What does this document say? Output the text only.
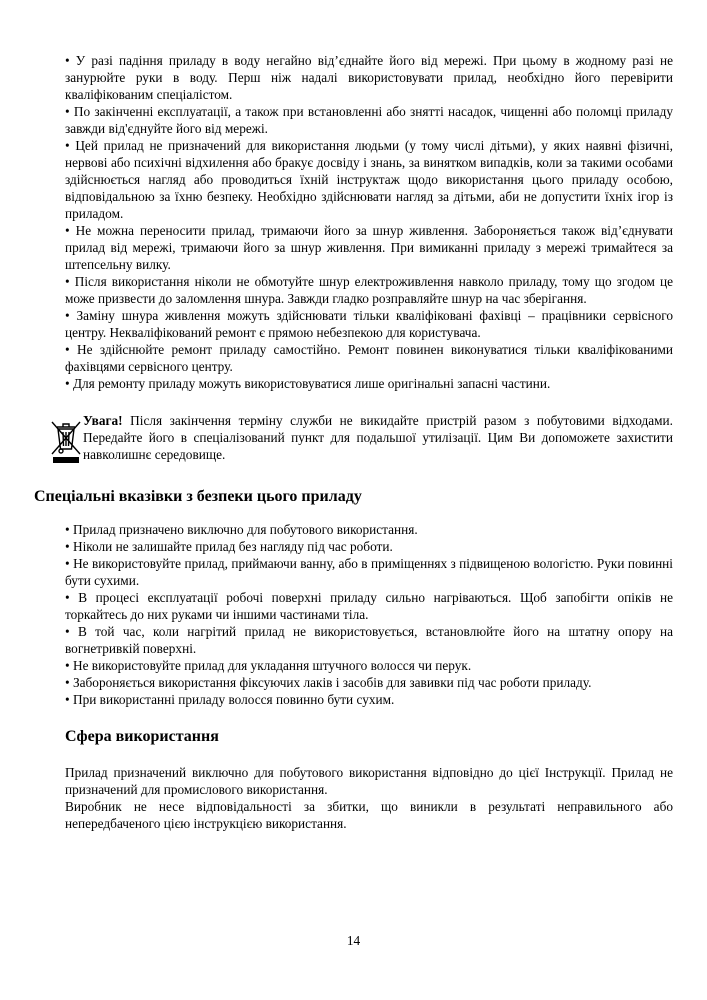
• У разі падіння приладу в воду негайно від’єднайте його від мережі. При цьому в жодному разі не занурюйте руки в воду. Перш ніж надалі використовувати прилад, необхідно його перевірити кваліфікованим спеціалістом.

• По закінченні експлуатації, а також при встановленні або знятті насадок, чищенні або поломці приладу завжди від'єднуйте його від мережі.

• Цей прилад не призначений для використання людьми (у тому числі дітьми), у яких наявні фізичні, нервові або психічні відхилення або бракує досвіду і знань, за винятком випадків, коли за такими особами здійснюється нагляд або проводиться їхній інструктаж щодо використання цього приладу особою, відповідальною за їхню безпеку. Необхідно здійснювати нагляд за дітьми, аби не допустити їхніх ігор із приладом.

• Не можна переносити прилад, тримаючи його за шнур живлення. Забороняється також від’єднувати прилад від мережі, тримаючи його за шнур живлення. При вимиканні приладу з мережі тримайтеся за штепсельну вилку.

• Після використання ніколи не обмотуйте шнур електроживлення навколо приладу, тому що згодом це може призвести до заломлення шнура. Завжди гладко розправляйте шнур на час зберігання.

• Заміну шнура живлення можуть здійснювати тільки кваліфіковані фахівці – працівники сервісного центру. Некваліфікований ремонт є прямою небезпекою для користувача.

• Не здійснюйте ремонт приладу самостійно. Ремонт повинен виконуватися тільки кваліфікованими фахівцями сервісного центру.

• Для ремонту приладу можуть використовуватися лише оригінальні запасні частини.

Увага! Після закінчення терміну служби не викидайте пристрій разом з побутовими відходами. Передайте його в спеціалізований пункт для подальшої утилізації. Цим Ви допоможете захистити навколишнє середовище.
Спеціальні вказівки з безпеки цього приладу

• Прилад призначено виключно для побутового використання.

• Ніколи не залишайте прилад без нагляду під час роботи.

• Не використовуйте прилад, приймаючи ванну, або в приміщеннях з підвищеною вологістю. Руки повинні бути сухими.

• В процесі експлуатації робочі поверхні приладу сильно нагріваються. Щоб запобігти опіків не торкайтесь до них руками чи іншими частинами тіла.

• В той час, коли нагрітий прилад не використовується, встановлюйте його на штатну опору на вогнетривкій поверхні.

• Не використовуйте прилад для укладання штучного волосся чи перук.

• Забороняється використання фіксуючих лаків і засобів для завивки під час роботи приладу.

• При використанні приладу волосся повинно бути сухим.

Сфера використання

Прилад призначений виключно для побутового використання відповідно до цієї Інструкції. Прилад не призначений для промислового використання.

Виробник не несе відповідальності за збитки, що виникли в результаті неправильного або непередбаченого цією інструкцією використання.

14
